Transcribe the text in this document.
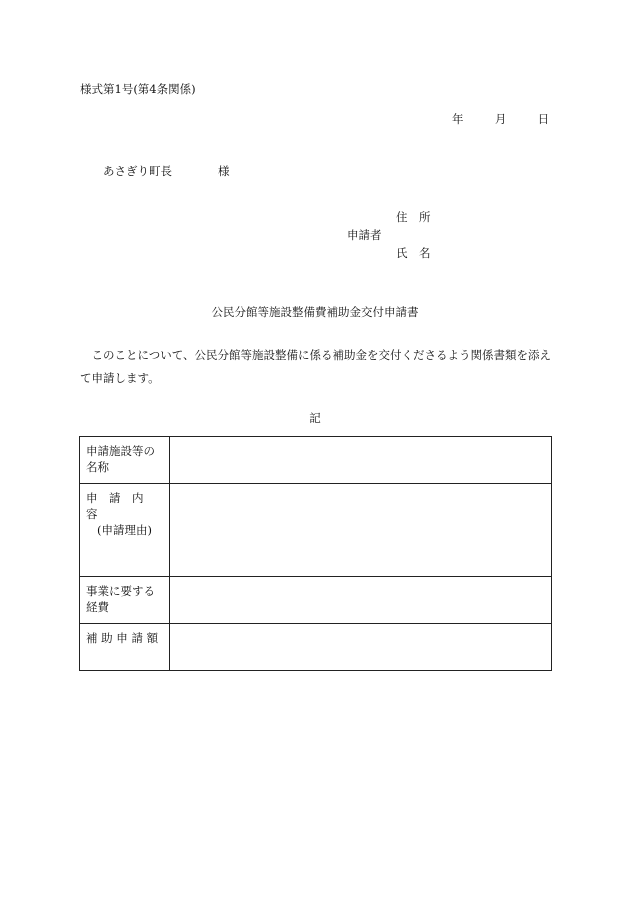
様式第1号(第4条関係)
年	月	日
あさぎり町長	様
住　所
申請者
氏　名
公民分館等施設整備費補助金交付申請書
　このことについて、公民分館等施設整備に係る補助金を交付くださるよう関係書類を添えて申請します。
記
申請施設等の名称	
申　請　内　容

(申請理由)	

事業に要する経費	
補 助 申 請 額	
